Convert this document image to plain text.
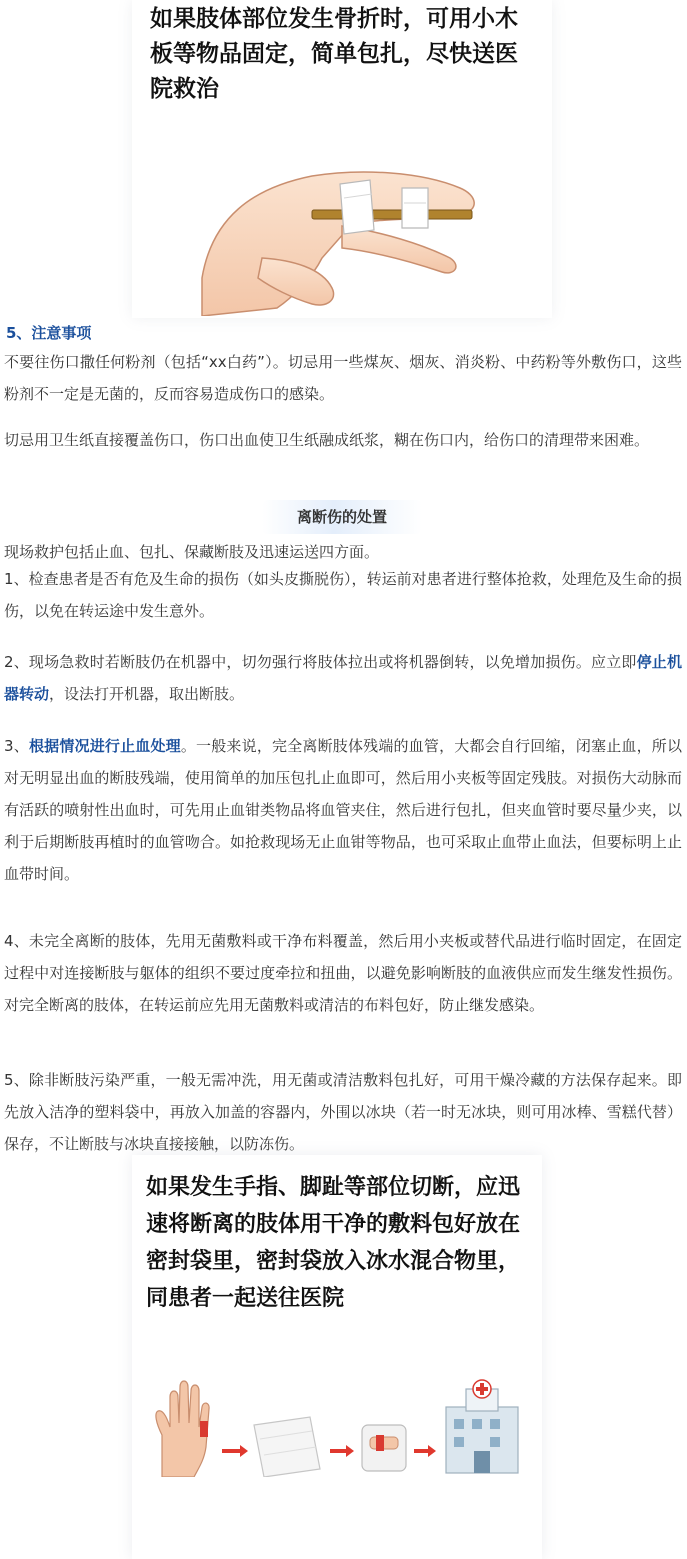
如果肢体部位发生骨折时，可用小木板等物品固定，简单包扎，尽快送医院救治
5、注意事项
不要往伤口撒任何粉剂（包括“xx白药”）。切忌用一些煤灰、烟灰、消炎粉、中药粉等外敷伤口，这些粉剂不一定是无菌的，反而容易造成伤口的感染。
切忌用卫生纸直接覆盖伤口，伤口出血使卫生纸融成纸浆，糊在伤口内，给伤口的清理带来困难。
离断伤的处置
现场救护包括止血、包扎、保藏断肢及迅速运送四方面。
1、检查患者是否有危及生命的损伤（如头皮撕脱伤），转运前对患者进行整体抢救，处理危及生命的损伤，以免在转运途中发生意外。
2、现场急救时若断肢仍在机器中，切勿强行将肢体拉出或将机器倒转，以免增加损伤。应立即停止机器转动，设法打开机器，取出断肢。
3、根据情况进行止血处理。一般来说，完全离断肢体残端的血管，大都会自行回缩，闭塞止血，所以对无明显出血的断肢残端，使用简单的加压包扎止血即可，然后用小夹板等固定残肢。对损伤大动脉而有活跃的喷射性出血时，可先用止血钳类物品将血管夹住，然后进行包扎，但夹血管时要尽量少夹，以利于后期断肢再植时的血管吻合。如抢救现场无止血钳等物品，也可采取止血带止血法，但要标明上止血带时间。
4、未完全离断的肢体，先用无菌敷料或干净布料覆盖，然后用小夹板或替代品进行临时固定，在固定过程中对连接断肢与躯体的组织不要过度牵拉和扭曲，以避免影响断肢的血液供应而发生继发性损伤。对完全断离的肢体，在转运前应先用无菌敷料或清洁的布料包好，防止继发感染。
5、除非断肢污染严重，一般无需冲洗，用无菌或清洁敷料包扎好，可用干燥冷藏的方法保存起来。即先放入洁净的塑料袋中，再放入加盖的容器内，外围以冰块（若一时无冰块，则可用冰棒、雪糕代替）保存，不让断肢与冰块直接接触，以防冻伤。
如果发生手指、脚趾等部位切断，应迅速将断离的肢体用干净的敷料包好放在密封袋里，密封袋放入冰水混合物里，同患者一起送往医院
